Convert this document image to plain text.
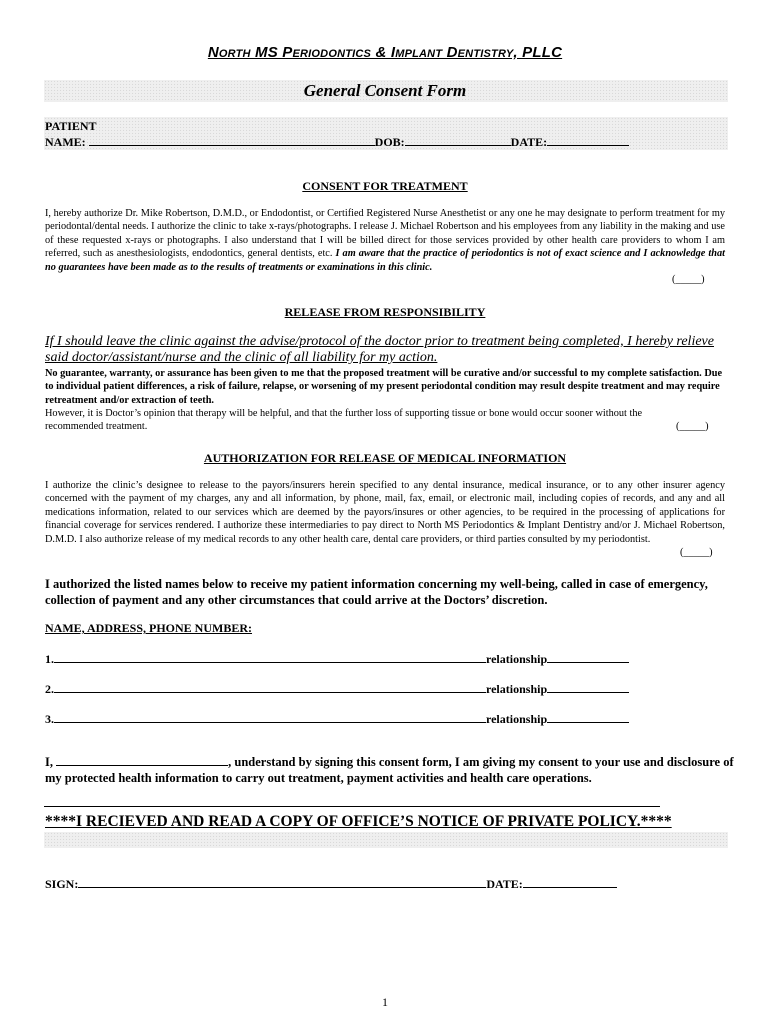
North MS Periodontics & Implant Dentistry, PLLC
General Consent Form
PATIENT
NAME:	DOB:	DATE:
CONSENT FOR TREATMENT
I, hereby authorize Dr. Mike Robertson, D.M.D., or Endodontist, or Certified Registered Nurse Anesthetist or any one he may designate to perform treatment for my periodontal/dental needs. I authorize the clinic to take x-rays/photographs. I release J. Michael Robertson and his employees from any liability in the making and use of these requested x-rays or photographs. I also understand that I will be billed direct for those services provided by other health care providers to whom I am referred, such as anesthesiologists, endodontics, general dentists, etc. I am aware that the practice of periodontics is not of exact science and I acknowledge that no guarantees have been made as to the results of treatments or examinations in this clinic.
(_____)
RELEASE FROM RESPONSIBILITY
If I should leave the clinic against the advise/protocol of the doctor prior to treatment being completed, I hereby relieve said doctor/assistant/nurse and the clinic of all liability for my action.
No guarantee, warranty, or assurance has been given to me that the proposed treatment will be curative and/or successful to my complete satisfaction. Due to individual patient differences, a risk of failure, relapse, or worsening of my present periodontal condition may result despite treatment and may require retreatment and/or extraction of teeth.
However, it is Doctor’s opinion that therapy will be helpful, and that the further loss of supporting tissue or bone would occur sooner without the recommended treatment.	(_____)
AUTHORIZATION FOR RELEASE OF MEDICAL INFORMATION
I authorize the clinic’s designee to release to the payors/insurers herein specified to any dental insurance, medical insurance, or to any other insurer agency concerned with the payment of my charges, any and all information, by phone, mail, fax, email, or electronic mail, including copies of records, and any and all medications information, related to our services which are deemed by the payors/insures or other agencies, to be required in the processing of applications for financial coverage for services rendered. I authorize these intermediaries to pay direct to North MS Periodontics & Implant Dentistry and/or J. Michael Robertson, D.M.D. I also authorize release of my medical records to any other health care, dental care providers, or third parties consulted by my periodontist.
(_____)
I authorized the listed names below to receive my patient information concerning my well-being, called in case of emergency, collection of payment and any other circumstances that could arrive at the Doctors’ discretion.
NAME, ADDRESS, PHONE NUMBER:
1.	relationship
2.	relationship
3.	relationship
I,	, understand by signing this consent form, I am giving my consent to your use and disclosure of my protected health information to carry out treatment, payment activities and health care operations.
****I RECIEVED AND READ A COPY OF OFFICE’S NOTICE OF PRIVATE POLICY.****
SIGN:	DATE:
1
